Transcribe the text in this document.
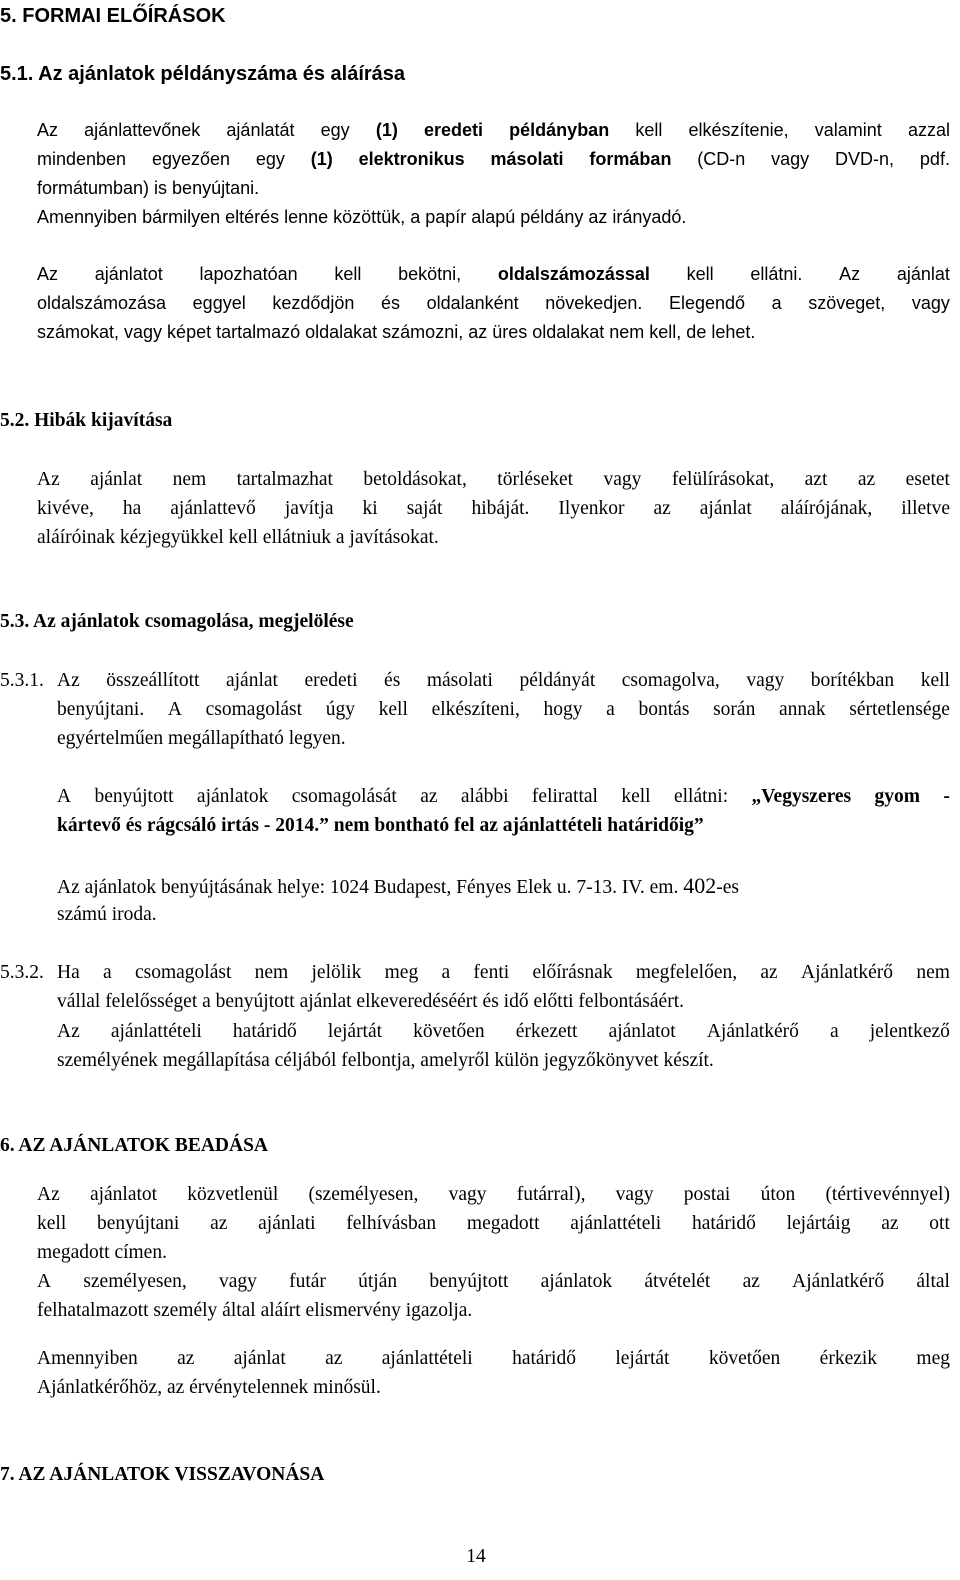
5. FORMAI ELŐÍRÁSOK
5.1. Az ajánlatok példányszáma és aláírása
Az ajánlattevőnek ajánlatát egy (1) eredeti példányban kell elkészítenie, valamint azzal
mindenben egyezően egy (1) elektronikus másolati formában (CD-n vagy DVD-n, pdf.
formátumban) is benyújtani.
Amennyiben bármilyen eltérés lenne közöttük, a papír alapú példány az irányadó.
Az ajánlatot lapozhatóan kell bekötni, oldalszámozással kell ellátni. Az ajánlat
oldalszámozása eggyel kezdődjön és oldalanként növekedjen. Elegendő a szöveget, vagy
számokat, vagy képet tartalmazó oldalakat számozni, az üres oldalakat nem kell, de lehet.
5.2. Hibák kijavítása
Az ajánlat nem tartalmazhat betoldásokat, törléseket vagy felülírásokat, azt az esetet
kivéve, ha ajánlattevő javítja ki saját hibáját. Ilyenkor az ajánlat aláírójának, illetve
aláíróinak kézjegyükkel kell ellátniuk a javításokat.
5.3. Az ajánlatok csomagolása, megjelölése
5.3.1. Az összeállított ajánlat eredeti és másolati példányát csomagolva, vagy borítékban kell
benyújtani. A csomagolást úgy kell elkészíteni, hogy a bontás során annak sértetlensége
egyértelműen megállapítható legyen.
A benyújtott ajánlatok csomagolását az alábbi felirattal kell ellátni: „Vegyszeres gyom -
kártevő és rágcsáló irtás - 2014.” nem bontható fel az ajánlattételi határidőig”
Az ajánlatok benyújtásának helye: 1024 Budapest, Fényes Elek u. 7-13. IV. em. 402-es
számú iroda.
5.3.2. Ha a csomagolást nem jelölik meg a fenti előírásnak megfelelően, az Ajánlatkérő nem
vállal felelősséget a benyújtott ajánlat elkeveredéséért és idő előtti felbontásáért.
Az ajánlattételi határidő lejártát követően érkezett ajánlatot Ajánlatkérő a jelentkező
személyének megállapítása céljából felbontja, amelyről külön jegyzőkönyvet készít.
6. AZ AJÁNLATOK BEADÁSA
Az ajánlatot közvetlenül (személyesen, vagy futárral), vagy postai úton (tértivevénnyel)
kell benyújtani az ajánlati felhívásban megadott ajánlattételi határidő lejártáig az ott
megadott címen.
A személyesen, vagy futár útján benyújtott ajánlatok átvételét az Ajánlatkérő által
felhatalmazott személy által aláírt elismervény igazolja.
Amennyiben az ajánlat az ajánlattételi határidő lejártát követően érkezik meg
Ajánlatkérőhöz, az érvénytelennek minősül.
7. AZ AJÁNLATOK VISSZAVONÁSA
14
